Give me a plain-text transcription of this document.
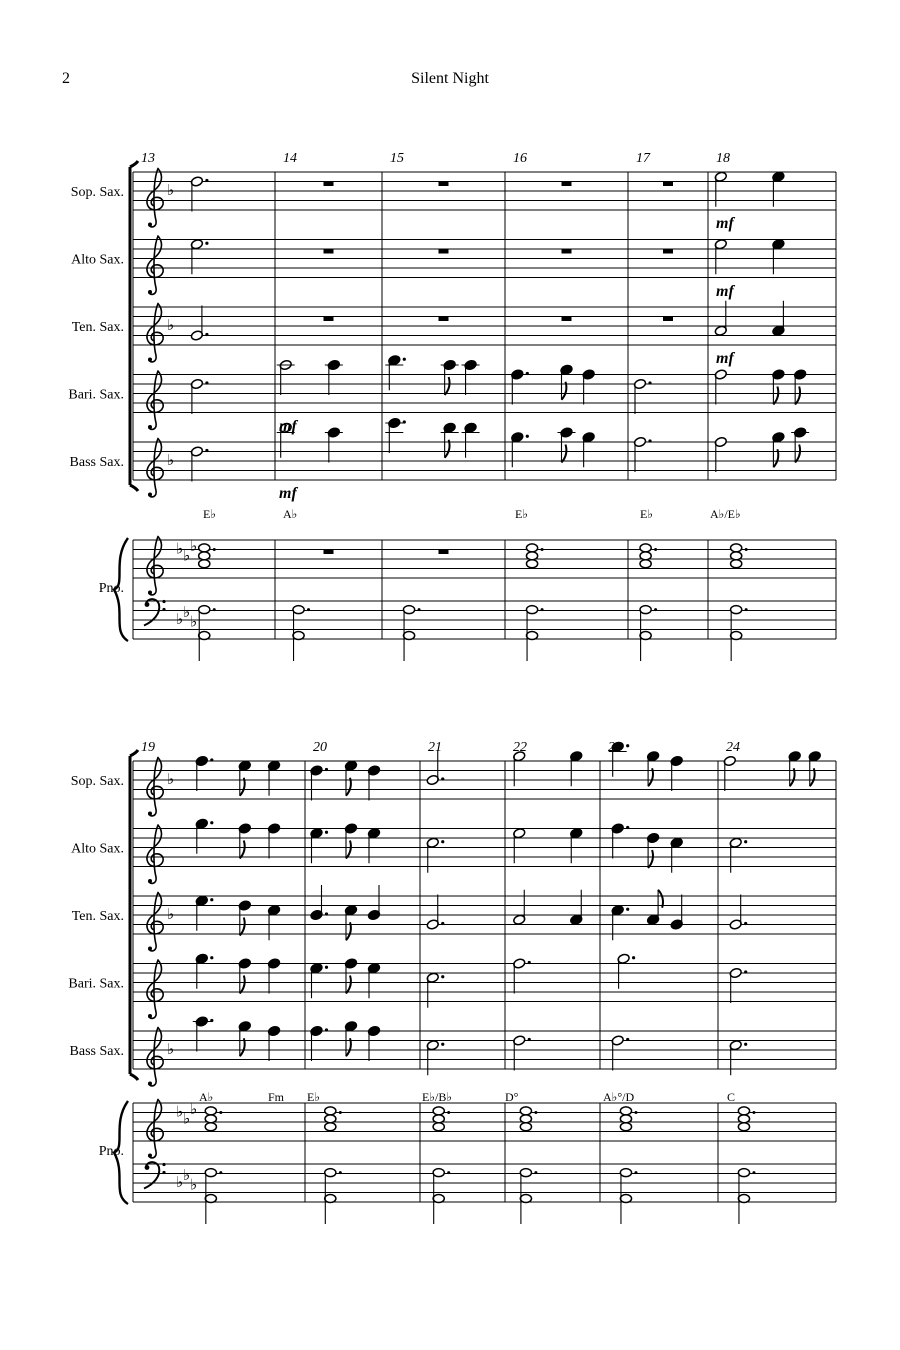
2	Silent Night
♭
♭
♭
♭ ♭
♭
♭ ♭
♭
♭
♭
♭
♭ ♭
♭
♭ ♭
♭
13	14	15	16	17	18
Sop. Sax.
Alto Sax.
Ten. Sax.
Bari. Sax.
Bass Sax.
mf
mf
mf
mf
mf
E♭	A♭	E♭	E♭	A♭/E♭
Pno.
19	20	21	22	23	24
Sop. Sax.
Alto Sax.
Ten. Sax.
Bari. Sax.
Bass Sax.
A♭	Fm E♭	E♭/B♭	D°	A♭°/D	C
Pno.
